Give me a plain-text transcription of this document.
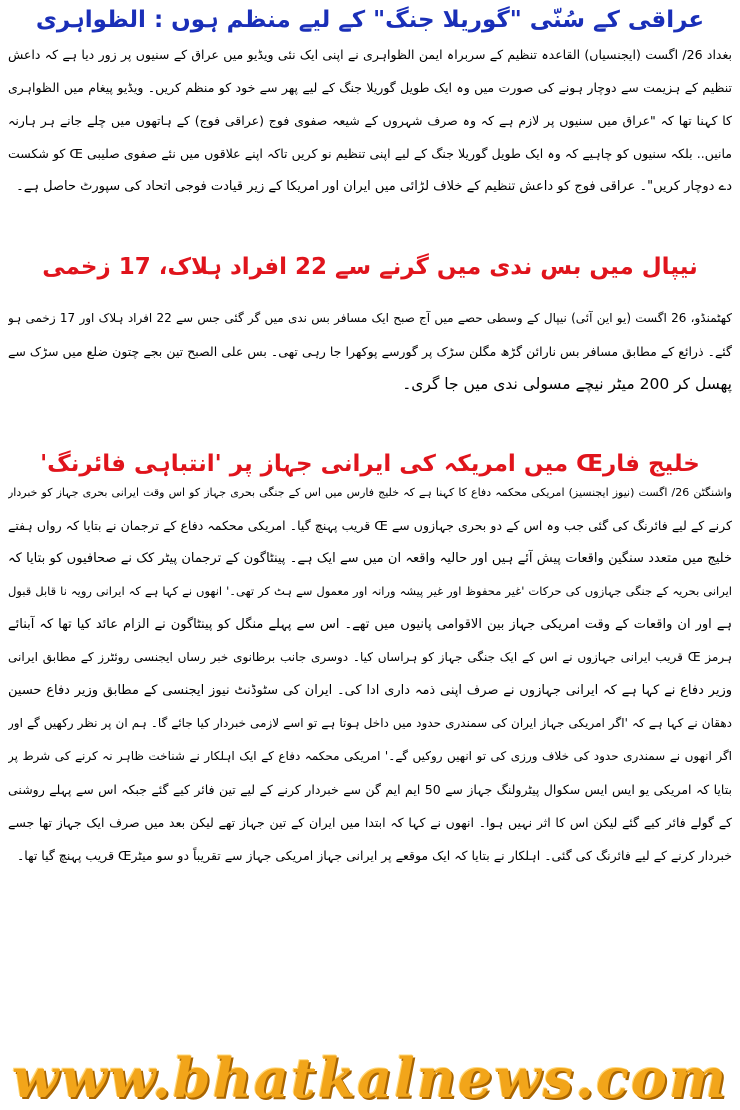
عراقی کے سُنّی "گوریلا جنگ" کے لیے منظم ہوں : الظواہری
بغداد 26/ اگست (ایجنسیاں) القاعدہ تنظیم کے سربراہ ایمن الظواہری نے اپنی ایک نئی ویڈیو میں عراق کے سنیوں پر زور دیا ہے کہ داعش
تنظیم کے ہزیمت سے دوچار ہونے کی صورت میں وہ ایک طویل گوریلا جنگ کے لیے پھر سے خود کو منظم کریں۔ ویڈیو پیغام میں الظواہری
کا کہنا تھا کہ "عراق میں سنیوں پر لازم ہے کہ وہ صرف شہروں کے شیعہ صفوی فوج (عراقی فوج) کے ہاتھوں میں چلے جانے ہر ہارنہ
مانیں.. بلکہ سنیوں کو چاہیے کہ وہ ایک طویل گوریلا جنگ کے لیے اپنی تنظیم نو کریں تاکہ اپنے علاقوں میں نئے صفوی صلیبی Œ کو شکست
دے دوچار کریں"۔ عراقی فوج کو داعش تنظیم کے خلاف لڑائی میں ایران اور امریکا کے زیر قیادت فوجی اتحاد کی سپورٹ حاصل ہے۔
نیپال میں بس ندی میں گرنے سے 22 افراد ہلاک، 17 زخمی
کھٹمنڈو، 26 اگست (یو این آئی) نیپال کے وسطی حصے میں آج صبح ایک مسافر بس ندی میں گر گئی جس سے 22 افراد ہلاک اور 17 زخمی ہو
گئے۔ ذرائع کے مطابق مسافر بس نارائن گڑھ مگلن سڑک پر گورسے پوکھرا جا رہی تھی۔ بس علی الصبح تین بجے چتون ضلع میں سڑک سے
پھسل کر 200 میٹر نیچے مسولی ندی میں جا گری۔
خلیج فارŒ میں امریکہ کی ایرانی جہاز پر 'انتباہی فائرنگ'
واشنگٹن 26/ اگست (نیوز ایجنسیز) امریکی محکمہ دفاع کا کہنا ہے کہ خلیج فارس میں اس کے جنگی بحری جہاز کو اس وقت ایرانی بحری جہاز کو خبردار
کرنے کے لیے فائرنگ کی گئی جب وہ اس کے دو بحری جہازوں سے Œ قریب پہنچ گیا۔ امریکی محکمہ دفاع کے ترجمان نے بتایا کہ رواں ہفتے
خلیج میں متعدد سنگین واقعات پیش آئے ہیں اور حالیہ واقعہ ان میں سے ایک ہے۔ پینٹاگون کے ترجمان پیٹر کک نے صحافیوں کو بتایا کہ
ایرانی بحریہ کے جنگی جہازوں کی حرکات 'غیر محفوظ اور غیر پیشہ ورانہ اور معمول سے ہٹ کر تھی۔' انھوں نے کہا ہے کہ ایرانی رویہ نا قابل قبول
ہے اور ان واقعات کے وقت امریکی جہاز بین الاقوامی پانیوں میں تھے۔ اس سے پہلے منگل کو پینٹاگون نے الزام عائد کیا تھا کہ آبنائے
ہرمز Œ قریب ایرانی جہازوں نے اس کے ایک جنگی جہاز کو ہراساں کیا۔ دوسری جانب برطانوی خبر رساں ایجنسی روئٹرز کے مطابق ایرانی
وزیر دفاع نے کہا ہے کہ ایرانی جہازوں نے صرف اپنی ذمہ داری ادا کی۔ ایران کی سٹوڈنٹ نیوز ایجنسی کے مطابق وزیر دفاع حسین
دھقان نے کہا ہے کہ 'اگر امریکی جہاز ایران کی سمندری حدود میں داخل ہوتا ہے تو اسے لازمی خبردار کیا جائے گا۔ ہم ان پر نظر رکھیں گے اور
اگر انھوں نے سمندری حدود کی خلاف ورزی کی تو انھیں روکیں گے۔' امریکی محکمہ دفاع کے ایک اہلکار نے شناخت ظاہر نہ کرنے کی شرط پر
بتایا کہ امریکی یو ایس ایس سکوال پیٹرولنگ جہاز سے 50 ایم ایم گن سے خبردار کرنے کے لیے تین فائر کیے گئے جبکہ اس سے پہلے روشنی
کے گولے فائر کیے گئے لیکن اس کا اثر نہیں ہوا۔ انھوں نے کہا کہ ابتدا میں ایران کے تین جہاز تھے لیکن بعد میں صرف ایک جہاز تھا جسے
خبردار کرنے کے لیے فائرنگ کی گئی۔ اہلکار نے بتایا کہ ایک موقعے پر ایرانی جہاز امریکی جہاز سے تقریباً دو سو میٹرŒ قریب پہنچ گیا تھا۔
www.bhatkalnews.com
